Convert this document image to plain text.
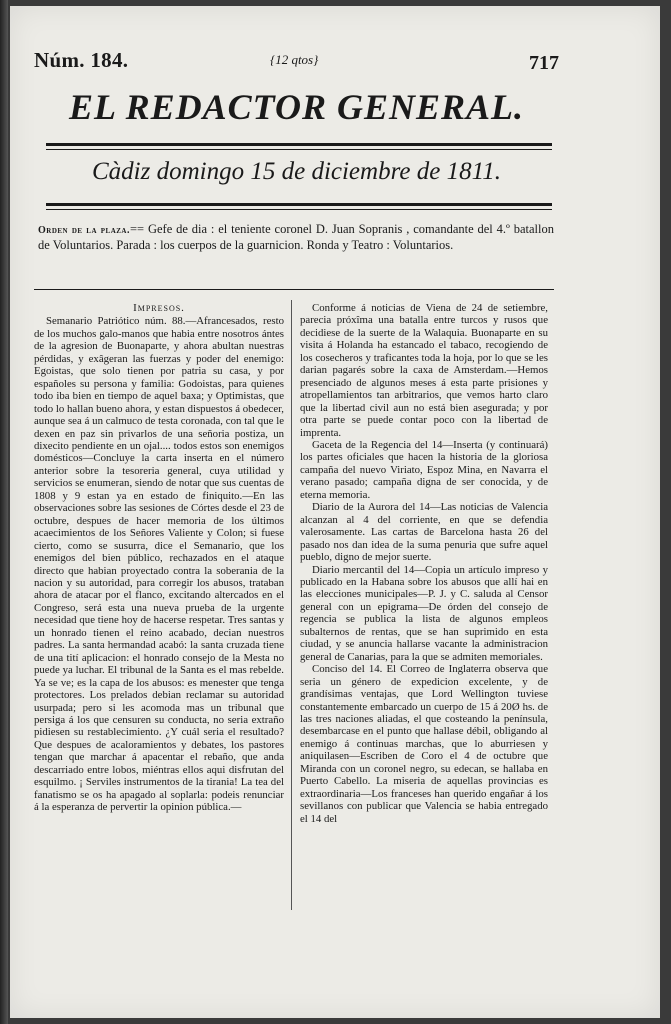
Núm. 184.	{12 qtos}	717
EL REDACTOR GENERAL.
Càdiz domingo 15 de diciembre de 1811.
Orden de la plaza.== Gefe de dia : el teniente coronel D. Juan Sopranis , comandante del 4.º batallon de Voluntarios. Parada : los cuerpos de la guarnicion. Ronda y Teatro : Voluntarios.
Impresos.

Semanario Patriótico núm. 88.—Afrancesados, resto de los muchos galo-manos que habia entre nosotros ántes de la agresion de Buonaparte, y ahora abultan nuestras pérdidas, y exâgeran las fuerzas y poder del enemigo: Egoistas, que solo tienen por patria su casa, y por españoles su persona y familia: Godoistas, para quienes todo iba bien en tiempo de aquel baxa; y Optimistas, que todo lo hallan bueno ahora, y estan dispuestos á obedecer, aunque sea á un calmuco de testa coronada, con tal que le dexen en paz sin privarlos de una señoria postiza, un dixecito pendiente en un ojal.... todos estos son enemigos domésticos—Concluye la carta inserta en el número anterior sobre la tesoreria general, cuya utilidad y servicios se enumeran, siendo de notar que sus cuentas de 1808 y 9 estan ya en estado de finiquito.—En las observaciones sobre las sesiones de Córtes desde el 23 de octubre, despues de hacer memoria de los últimos acaecimientos de los Señores Valiente y Colon; si fuese cierto, como se susurra, dice el Semanario, que los enemigos del bien público, rechazados en el ataque directo que habian proyectado contra la soberania de la nacion y su autoridad, para corregir los abusos, trataban ahora de atacar por el flanco, excitando altercados en el Congreso, será esta una nueva prueba de la urgente necesidad que tiene hoy de hacerse respetar. Tres santas y un honrado tienen el reino acabado, decian nuestros padres. La santa hermandad acabó: la santa cruzada tiene de una tití aplicacion: el honrado consejo de la Mesta no puede ya luchar. El tribunal de la Santa es el mas rebelde. Ya se ve; es la capa de los abusos: es menester que tenga protectores. Los prelados debian reclamar su autoridad usurpada; pero si les acomoda mas un tribunal que persiga á los que censuren su conducta, no seria extraño pidiesen su restablecimiento. ¿Y cuál seria el resultado? Que despues de acaloramientos y debates, los pastores tengan que marchar á apacentar el rebaño, que anda descarriado entre lobos, miéntras ellos aqui disfrutan del esquilmo. ¡ Serviles instrumentos de la tirania! La tea del fanatismo se os ha apagado al soplarla: podeis renunciar á la esperanza de pervertir la opinion pública.—

Conforme á noticias de Viena de 24 de setiembre, parecia próxîma una batalla entre turcos y rusos que decidiese de la suerte de la Walaquia. Buonaparte en su visita á Holanda ha estancado el tabaco, recogiendo de los cosecheros y traficantes toda la hoja, por lo que se les darian pagarés sobre la caxa de Amsterdam.—Hemos presenciado de algunos meses á esta parte prisiones y atropellamientos tan arbitrarios, que vemos harto claro que la libertad civil aun no está bien asegurada; y por otra parte se puede contar poco con la libertad de imprenta.

Gaceta de la Regencia del 14—Inserta (y continuará) los partes oficiales que hacen la historia de la gloriosa campaña del nuevo Viriato, Espoz Mina, en Navarra el verano pasado; campaña digna de ser conocida, y de eterna memoria.

Diario de la Aurora del 14—Las noticias de Valencia alcanzan al 4 del corriente, en que se defendia valerosamente. Las cartas de Barcelona hasta 26 del pasado nos dan idea de la suma penuria que sufre aquel pueblo, digno de mejor suerte.

Diario mercantil del 14—Copia un artículo impreso y publicado en la Habana sobre los abusos que allí hai en las elecciones municipales—P. J. y C. saluda al Censor general con un epigrama—De órden del consejo de regencia se publica la lista de algunos empleos subalternos de rentas, que se han suprimido en esta ciudad, y se anuncia hallarse vacante la administracion general de Canarias, para la que se admiten memoriales.

Conciso del 14. El Correo de Inglaterra observa que seria un género de expedicion excelente, y de grandísimas ventajas, que Lord Wellington tuviese constantemente embarcado un cuerpo de 15 á 20Ø hs. de las tres naciones aliadas, el que costeando la península, desembarcase en el punto que hallase débil, obligando al enemigo á continuas marchas, que lo aburriesen y aniquilasen—Escriben de Coro el 4 de octubre que Miranda con un coronel negro, su edecan, se hallaba en Puerto Cabello. La miseria de aquellas provincias es extraordinaria—Los franceses han querido engañar á los sevillanos con publicar que Valencia se habia entregado el 14 del
